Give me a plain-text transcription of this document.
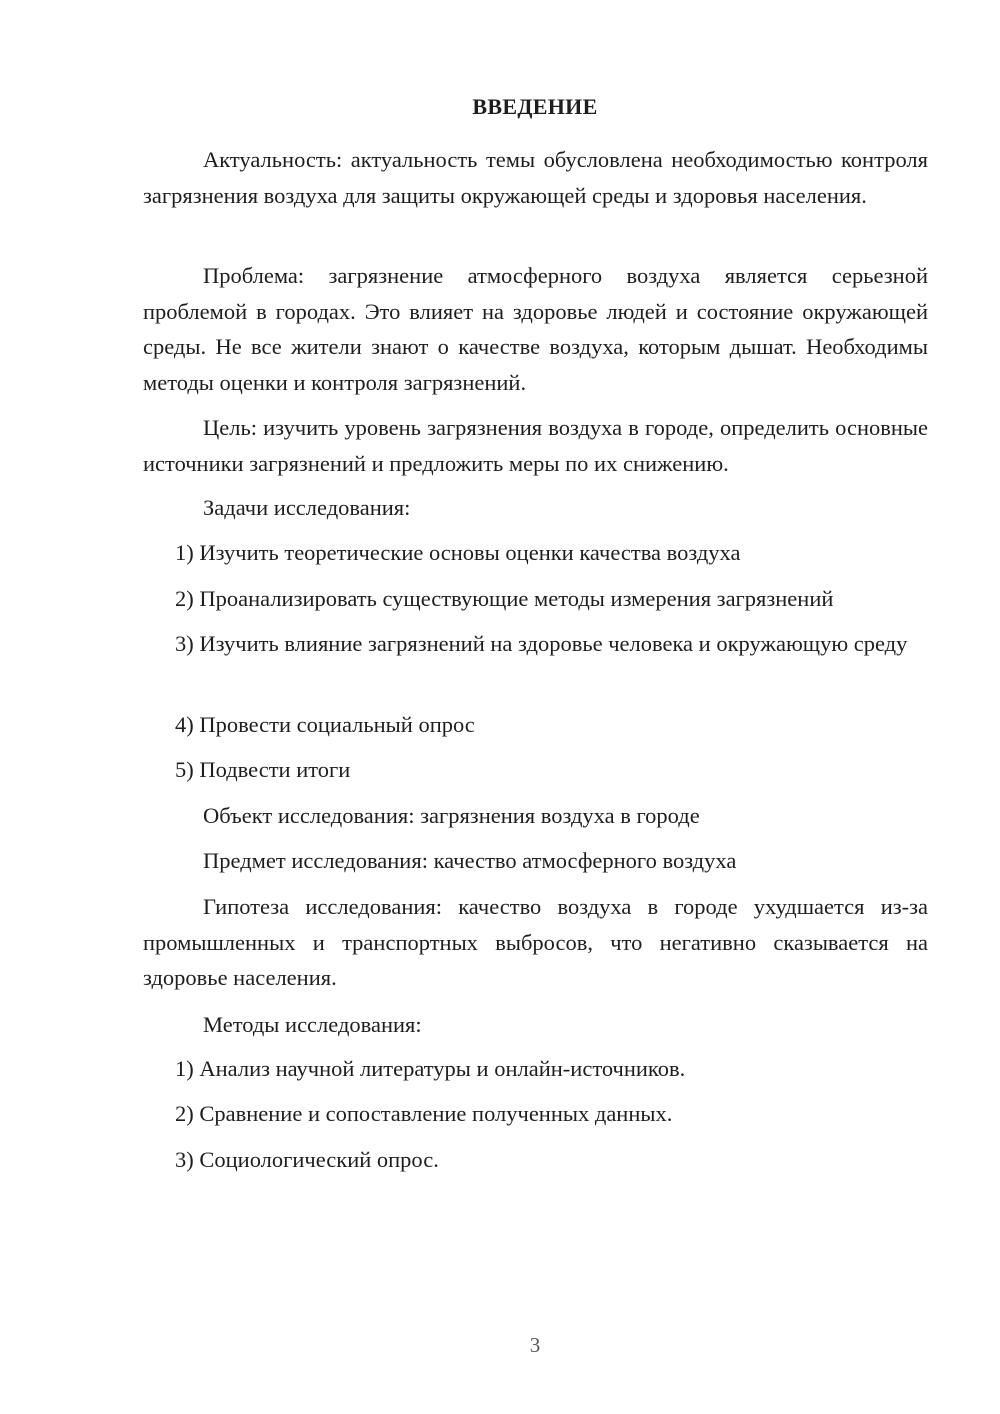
ВВЕДЕНИЕ
Актуальность: актуальность темы обусловлена необходимостью контроля загрязнения воздуха для защиты окружающей среды и здоровья населения.
Проблема: загрязнение атмосферного воздуха является серьезной проблемой в городах. Это влияет на здоровье людей и состояние окружающей среды. Не все жители знают о качестве воздуха, которым дышат. Необходимы методы оценки и контроля загрязнений.
Цель: изучить уровень загрязнения воздуха в городе, определить основные источники загрязнений и предложить меры по их снижению.
Задачи исследования:
1) Изучить теоретические основы оценки качества воздуха
2) Проанализировать существующие методы измерения загрязнений
3) Изучить влияние загрязнений на здоровье человека и окружающую среду
4) Провести социальный опрос
5) Подвести итоги
Объект исследования: загрязнения воздуха в городе
Предмет исследования: качество атмосферного воздуха
Гипотеза исследования: качество воздуха в городе ухудшается из-за промышленных и транспортных выбросов, что негативно сказывается на здоровье населения.
Методы исследования:
1) Анализ научной литературы и онлайн-источников.
2) Сравнение и сопоставление полученных данных.
3) Социологический опрос.
3
